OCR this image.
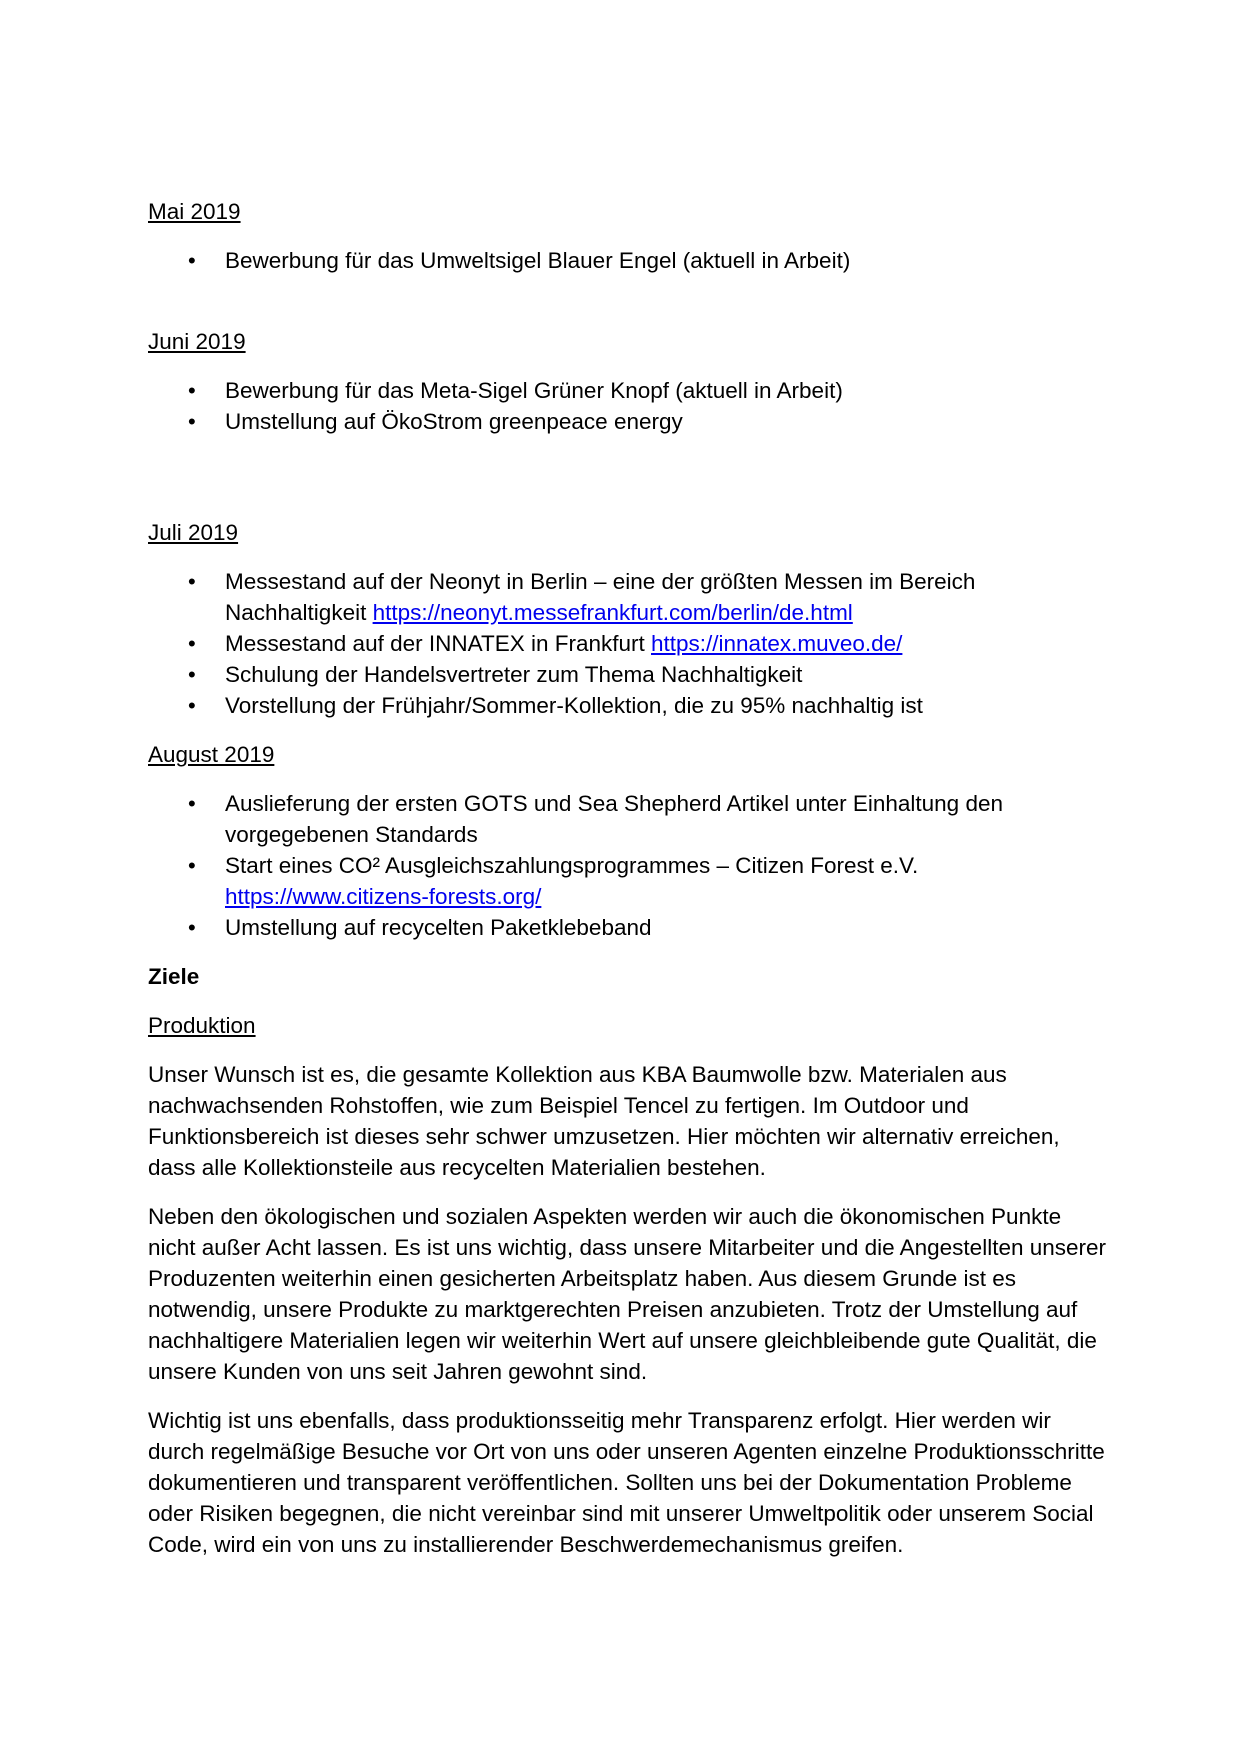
Mai 2019
• Bewerbung für das Umweltsigel Blauer Engel (aktuell in Arbeit)
Juni 2019
• Bewerbung für das Meta-Sigel Grüner Knopf (aktuell in Arbeit)
• Umstellung auf ÖkoStrom greenpeace energy
Juli 2019
• Messestand auf der Neonyt in Berlin – eine der größten Messen im Bereich Nachhaltigkeit https://neonyt.messefrankfurt.com/berlin/de.html
• Messestand auf der INNATEX in Frankfurt https://innatex.muveo.de/
• Schulung der Handelsvertreter zum Thema Nachhaltigkeit
• Vorstellung der Frühjahr/Sommer-Kollektion, die zu 95% nachhaltig ist
August 2019
• Auslieferung der ersten GOTS und Sea Shepherd Artikel unter Einhaltung den vorgegebenen Standards
• Start eines CO² Ausgleichszahlungsprogrammes – Citizen Forest e.V. https://www.citizens-forests.org/
• Umstellung auf recycelten Paketklebeband
Ziele
Produktion

Unser Wunsch ist es, die gesamte Kollektion aus KBA Baumwolle bzw. Materialen aus nachwachsenden Rohstoffen, wie zum Beispiel Tencel zu fertigen. Im Outdoor und Funktionsbereich ist dieses sehr schwer umzusetzen. Hier möchten wir alternativ erreichen, dass alle Kollektionsteile aus recycelten Materialien bestehen.

Neben den ökologischen und sozialen Aspekten werden wir auch die ökonomischen Punkte nicht außer Acht lassen. Es ist uns wichtig, dass unsere Mitarbeiter und die Angestellten unserer Produzenten weiterhin einen gesicherten Arbeitsplatz haben. Aus diesem Grunde ist es notwendig, unsere Produkte zu marktgerechten Preisen anzubieten. Trotz der Umstellung auf nachhaltigere Materialien legen wir weiterhin Wert auf unsere gleichbleibende gute Qualität, die unsere Kunden von uns seit Jahren gewohnt sind.

Wichtig ist uns ebenfalls, dass produktionsseitig mehr Transparenz erfolgt. Hier werden wir durch regelmäßige Besuche vor Ort von uns oder unseren Agenten einzelne Produktionsschritte dokumentieren und transparent veröffentlichen. Sollten uns bei der Dokumentation Probleme oder Risiken begegnen, die nicht vereinbar sind mit unserer Umweltpolitik oder unserem Social Code, wird ein von uns zu installierender Beschwerdemechanismus greifen.
